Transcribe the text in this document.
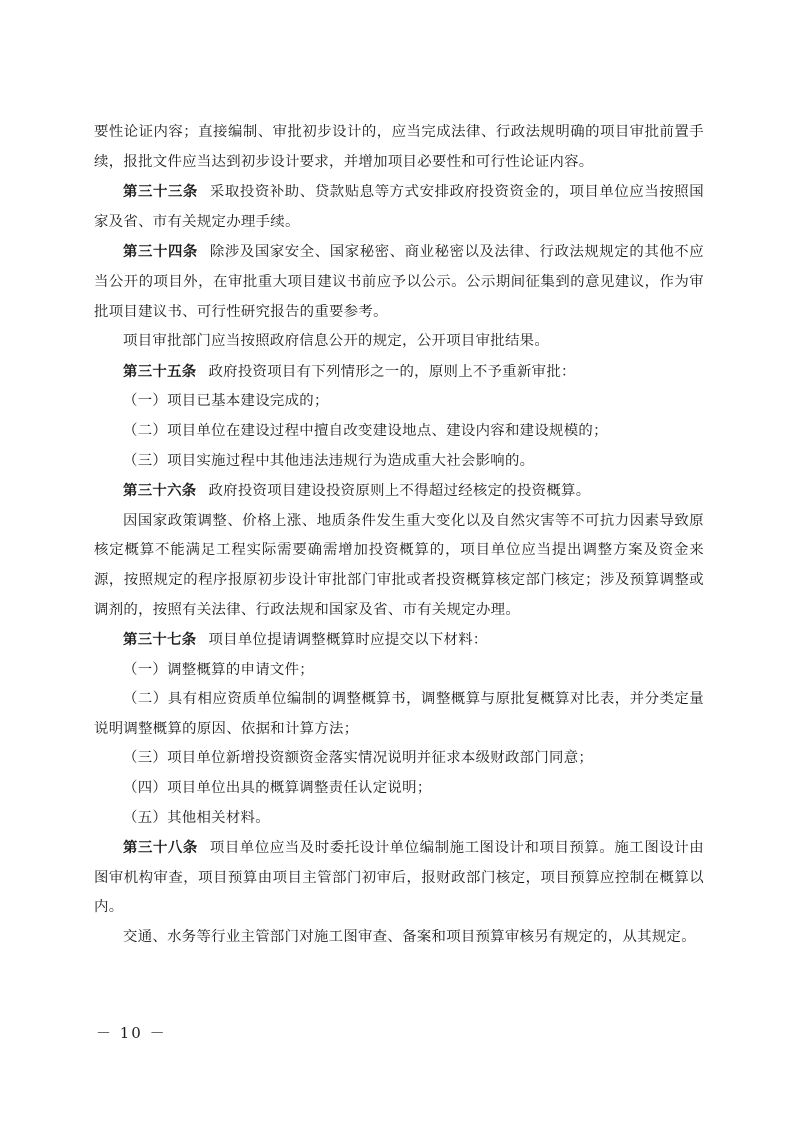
要性论证内容；直接编制、审批初步设计的，应当完成法律、行政法规明确的项目审批前置手续，报批文件应当达到初步设计要求，并增加项目必要性和可行性论证内容。

第三十三条 采取投资补助、贷款贴息等方式安排政府投资资金的，项目单位应当按照国家及省、市有关规定办理手续。

第三十四条 除涉及国家安全、国家秘密、商业秘密以及法律、行政法规规定的其他不应当公开的项目外，在审批重大项目建议书前应予以公示。公示期间征集到的意见建议，作为审批项目建议书、可行性研究报告的重要参考。

项目审批部门应当按照政府信息公开的规定，公开项目审批结果。

第三十五条 政府投资项目有下列情形之一的，原则上不予重新审批：

（一）项目已基本建设完成的；

（二）项目单位在建设过程中擅自改变建设地点、建设内容和建设规模的；

（三）项目实施过程中其他违法违规行为造成重大社会影响的。

第三十六条 政府投资项目建设投资原则上不得超过经核定的投资概算。

因国家政策调整、价格上涨、地质条件发生重大变化以及自然灾害等不可抗力因素导致原核定概算不能满足工程实际需要确需增加投资概算的，项目单位应当提出调整方案及资金来源，按照规定的程序报原初步设计审批部门审批或者投资概算核定部门核定；涉及预算调整或调剂的，按照有关法律、行政法规和国家及省、市有关规定办理。

第三十七条 项目单位提请调整概算时应提交以下材料：

（一）调整概算的申请文件；

（二）具有相应资质单位编制的调整概算书，调整概算与原批复概算对比表，并分类定量说明调整概算的原因、依据和计算方法；

（三）项目单位新增投资额资金落实情况说明并征求本级财政部门同意；

（四）项目单位出具的概算调整责任认定说明；

（五）其他相关材料。

第三十八条 项目单位应当及时委托设计单位编制施工图设计和项目预算。施工图设计由图审机构审查，项目预算由项目主管部门初审后，报财政部门核定，项目预算应控制在概算以内。

交通、水务等行业主管部门对施工图审查、备案和项目预算审核另有规定的，从其规定。

－ 10 －
